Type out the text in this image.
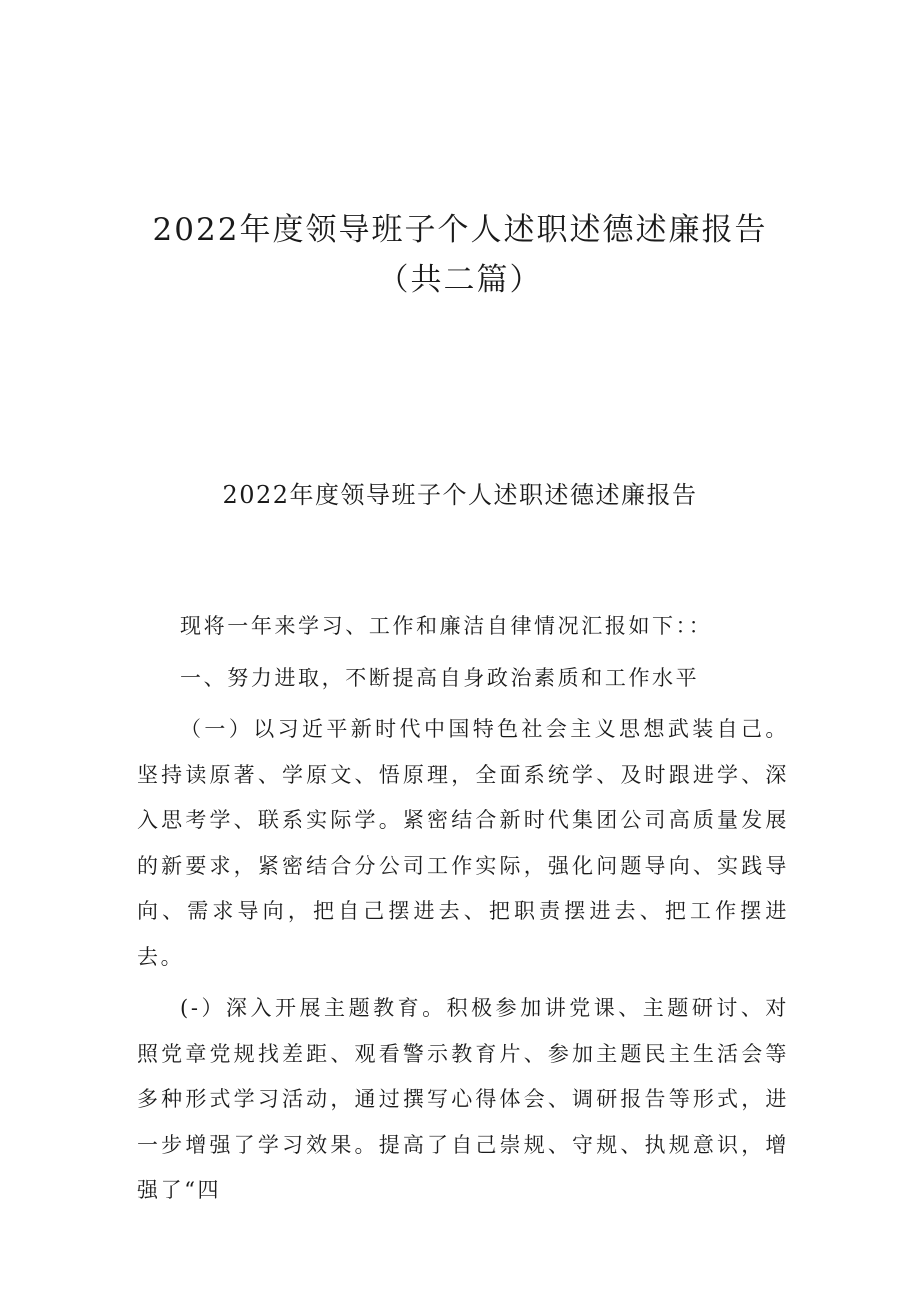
2022年度领导班子个人述职述德述廉报告
（共二篇）
2022年度领导班子个人述职述德述廉报告

现将一年来学习、工作和廉洁自律情况汇报如下：：

一、努力进取，不断提高自身政治素质和工作水平

（一）以习近平新时代中国特色社会主义思想武装自己。坚持读原著、学原文、悟原理，全面系统学、及时跟进学、深入思考学、联系实际学。紧密结合新时代集团公司高质量发展的新要求，紧密结合分公司工作实际，强化问题导向、实践导向、需求导向，把自己摆进去、把职责摆进去、把工作摆进去。

(-）深入开展主题教育。积极参加讲党课、主题研讨、对照党章党规找差距、观看警示教育片、参加主题民主生活会等多种形式学习活动，通过撰写心得体会、调研报告等形式，进一步增强了学习效果。提高了自己崇规、守规、执规意识，增强了“四
